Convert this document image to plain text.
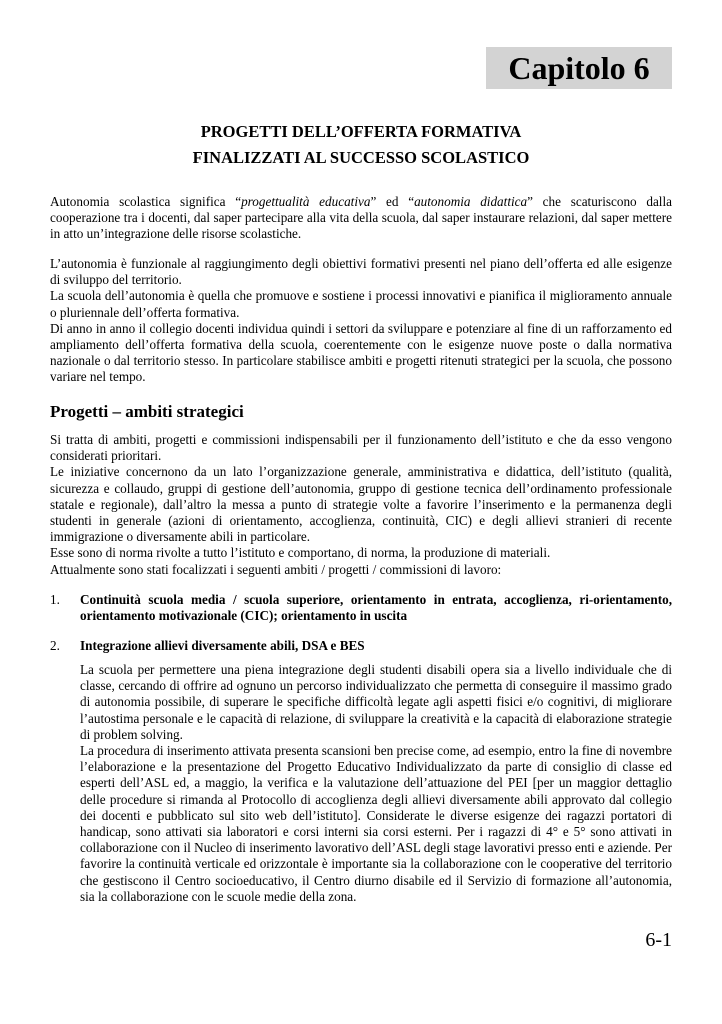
Capitolo 6
PROGETTI DELL’OFFERTA FORMATIVA
FINALIZZATI AL SUCCESSO SCOLASTICO

Autonomia scolastica significa “progettualità educativa” ed “autonomia didattica” che scaturiscono dalla cooperazione tra i docenti, dal saper partecipare alla vita della scuola, dal saper instaurare relazioni, dal saper mettere in atto un’integrazione delle risorse scolastiche.

L’autonomia è funzionale al raggiungimento degli obiettivi formativi presenti nel piano dell’offerta ed alle esigenze di sviluppo del territorio.

La scuola dell’autonomia è quella che promuove e sostiene i processi innovativi e pianifica il miglioramento annuale o pluriennale dell’offerta formativa.

Di anno in anno il collegio docenti individua quindi i settori da sviluppare e potenziare al fine di un rafforzamento ed ampliamento dell’offerta formativa della scuola, coerentemente con le esigenze nuove poste o dalla normativa nazionale o dal territorio stesso. In particolare stabilisce ambiti e progetti ritenuti strategici per la scuola, che possono variare nel tempo.

Progetti – ambiti strategici

Si tratta di ambiti, progetti e commissioni indispensabili per il funzionamento dell’istituto e che da esso vengono considerati prioritari.

Le iniziative concernono da un lato l’organizzazione generale, amministrativa e didattica, dell’istituto (qualità, sicurezza e collaudo, gruppi di gestione dell’autonomia, gruppo di gestione tecnica dell’ordinamento professionale statale e regionale), dall’altro la messa a punto di strategie volte a favorire l’inserimento e la permanenza degli studenti in generale (azioni di orientamento, accoglienza, continuità, CIC) e degli allievi stranieri di recente immigrazione o diversamente abili in particolare.

Esse sono di norma rivolte a tutto l’istituto e comportano, di norma, la produzione di materiali.

Attualmente sono stati focalizzati i seguenti ambiti / progetti / commissioni di lavoro:

1. Continuità scuola media / scuola superiore, orientamento in entrata, accoglienza, ri-orientamento, orientamento motivazionale (CIC); orientamento in uscita
2. Integrazione allievi diversamente abili, DSA e BES

La scuola per permettere una piena integrazione degli studenti disabili opera sia a livello individuale che di classe, cercando di offrire ad ognuno un percorso individualizzato che permetta di conseguire il massimo grado di autonomia possibile, di superare le specifiche difficoltà legate agli aspetti fisici e/o cognitivi, di migliorare l’autostima personale e le capacità di relazione, di sviluppare la creatività e la capacità di elaborazione strategie di problem solving.

La procedura di inserimento attivata presenta scansioni ben precise come, ad esempio, entro la fine di novembre l’elaborazione e la presentazione del Progetto Educativo Individualizzato da parte di consiglio di classe ed esperti dell’ASL ed, a maggio, la verifica e la valutazione dell’attuazione del PEI [per un maggior dettaglio delle procedure si rimanda al Protocollo di accoglienza degli allievi diversamente abili approvato dal collegio dei docenti e pubblicato sul sito web dell’istituto]. Considerate le diverse esigenze dei ragazzi portatori di handicap, sono attivati sia laboratori e corsi interni sia corsi esterni. Per i ragazzi di 4° e 5° sono attivati in collaborazione con il Nucleo di inserimento lavorativo dell’ASL degli stage lavorativi presso enti e aziende. Per favorire la continuità verticale ed orizzontale è importante sia la collaborazione con le cooperative del territorio che gestiscono il Centro socioeducativo, il Centro diurno disabile ed il Servizio di formazione all’autonomia, sia la collaborazione con le scuole medie della zona.

6-1
